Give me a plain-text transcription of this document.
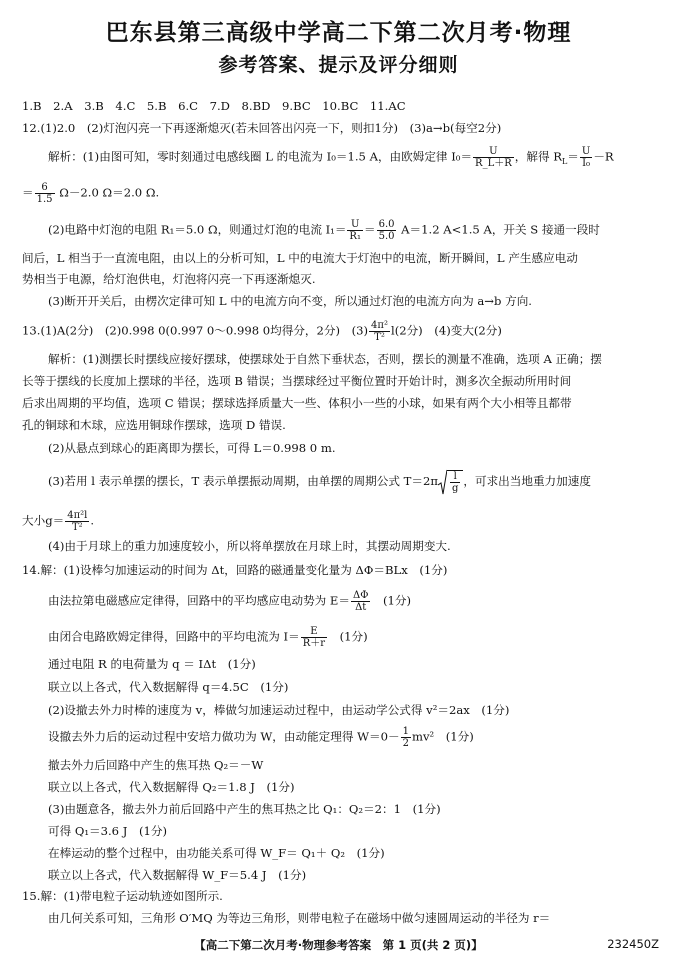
巴东县第三高级中学高二下第二次月考·物理
参考答案、提示及评分细则
1.B　2.A　3.B　4.C　5.B　6.C　7.D　8.BD　9.BC　10.BC　11.AC
12.(1)2.0　(2)灯泡闪亮一下再逐渐熄灭(若未回答出闪亮一下，则扣1分)　(3)a→b(每空2分)
解析：(1)由图可知，零时刻通过电感线圈 L 的电流为 I₀＝1.5 A，由欧姆定律 $I_0= \frac{U}{R\_L+R}$ ，解得 $R_L= \frac{U}{\text{I₀}} -R$
＝ $\frac{6}{1.5} \Omega-2.0$ Ω＝2.0 Ω.
(2)电路中灯泡的电阻 R₁＝5.0 Ω，则通过灯泡的电流 $I_1= \frac{U}{\text{R₁}} = \frac{6.0}{5.0} A=1.2$ A<1.5 A，开关 S 接通一段时
间后，L 相当于一直流电阻，由以上的分析可知，L 中的电流大于灯泡中的电流，断开瞬间，L 产生感应电动
势相当于电源，给灯泡供电，灯泡将闪亮一下再逐渐熄灭.
(3)断开开关后，由楞次定律可知 L 中的电流方向不变，所以通过灯泡的电流方向为 a→b 方向.
13.(1)A(2分)　(2)0.998 0(0.997 0～0.998 0均得分，2分)　$(3) \frac{\text{4π²}}{\text{T²}} l(2$分)　(4)变大(2分)
解析：(1)测摆长时摆线应接好摆球，使摆球处于自然下垂状态，否则，摆长的测量不准确，选项 A 正确；摆
长等于摆线的长度加上摆球的半径，选项 B 错误；当摆球经过平衡位置时开始计时，测多次全振动所用时间
后求出周期的平均值，选项 C 错误；摆球选择质量大一些、体积小一些的小球，如果有两个大小相等且都带
孔的铜球和木球，应选用铜球作摆球，选项 D 错误.
(2)从悬点到球心的距离即为摆长，可得 L＝0.998 0 m.
(3)若用 l 表示单摆的摆长，T 表示单摆振动周期，由单摆的周期公式 $T=2\pi \frac{l}{g}$ ，可求出当地重力加速度
大小$g= \frac{\text{4π²l}}{\text{T²}}$ .
(4)由于月球上的重力加速度较小，所以将单摆放在月球上时，其摆动周期变大.
14.解：(1)设棒匀加速运动的时间为 Δt，回路的磁通量变化量为 ΔΦ＝BLx　(1分)
由法拉第电磁感应定律得，回路中的平均感应电动势为 $E= \frac{\Delta\Phi}{\Delta t}$ 　(1分)
由闭合电路欧姆定律得，回路中的平均电流为 $I= \frac{E}{R+r}$ 　(1分)
通过电阻 R 的电荷量为 q ＝ IΔt　(1分)
联立以上各式，代入数据解得 q＝4.5C　(1分)
(2)设撤去外力时棒的速度为 v，棒做匀加速运动过程中，由运动学公式得 v²＝2ax　(1分)
设撤去外力后的运动过程中安培力做功为 W，由动能定理得 $W=0- \frac{1}{2} mv^2$　(1分)
撤去外力后回路中产生的焦耳热 Q₂＝－W
联立以上各式，代入数据解得 Q₂＝1.8 J　(1分)
(3)由题意各，撤去外力前后回路中产生的焦耳热之比 Q₁：Q₂＝2：1　(1分)
可得 Q₁＝3.6 J　(1分)
在棒运动的整个过程中，由功能关系可得 W_F＝ Q₁＋ Q₂　(1分)
联立以上各式，代入数据解得 W_F＝5.4 J　(1分)
15.解：(1)带电粒子运动轨迹如图所示.
由几何关系可知，三角形 O′MQ 为等边三角形，则带电粒子在磁场中做匀速圆周运动的半径为 r＝
【高二下第二次月考·物理参考答案　第 1 页(共 2 页)】	232450Z
